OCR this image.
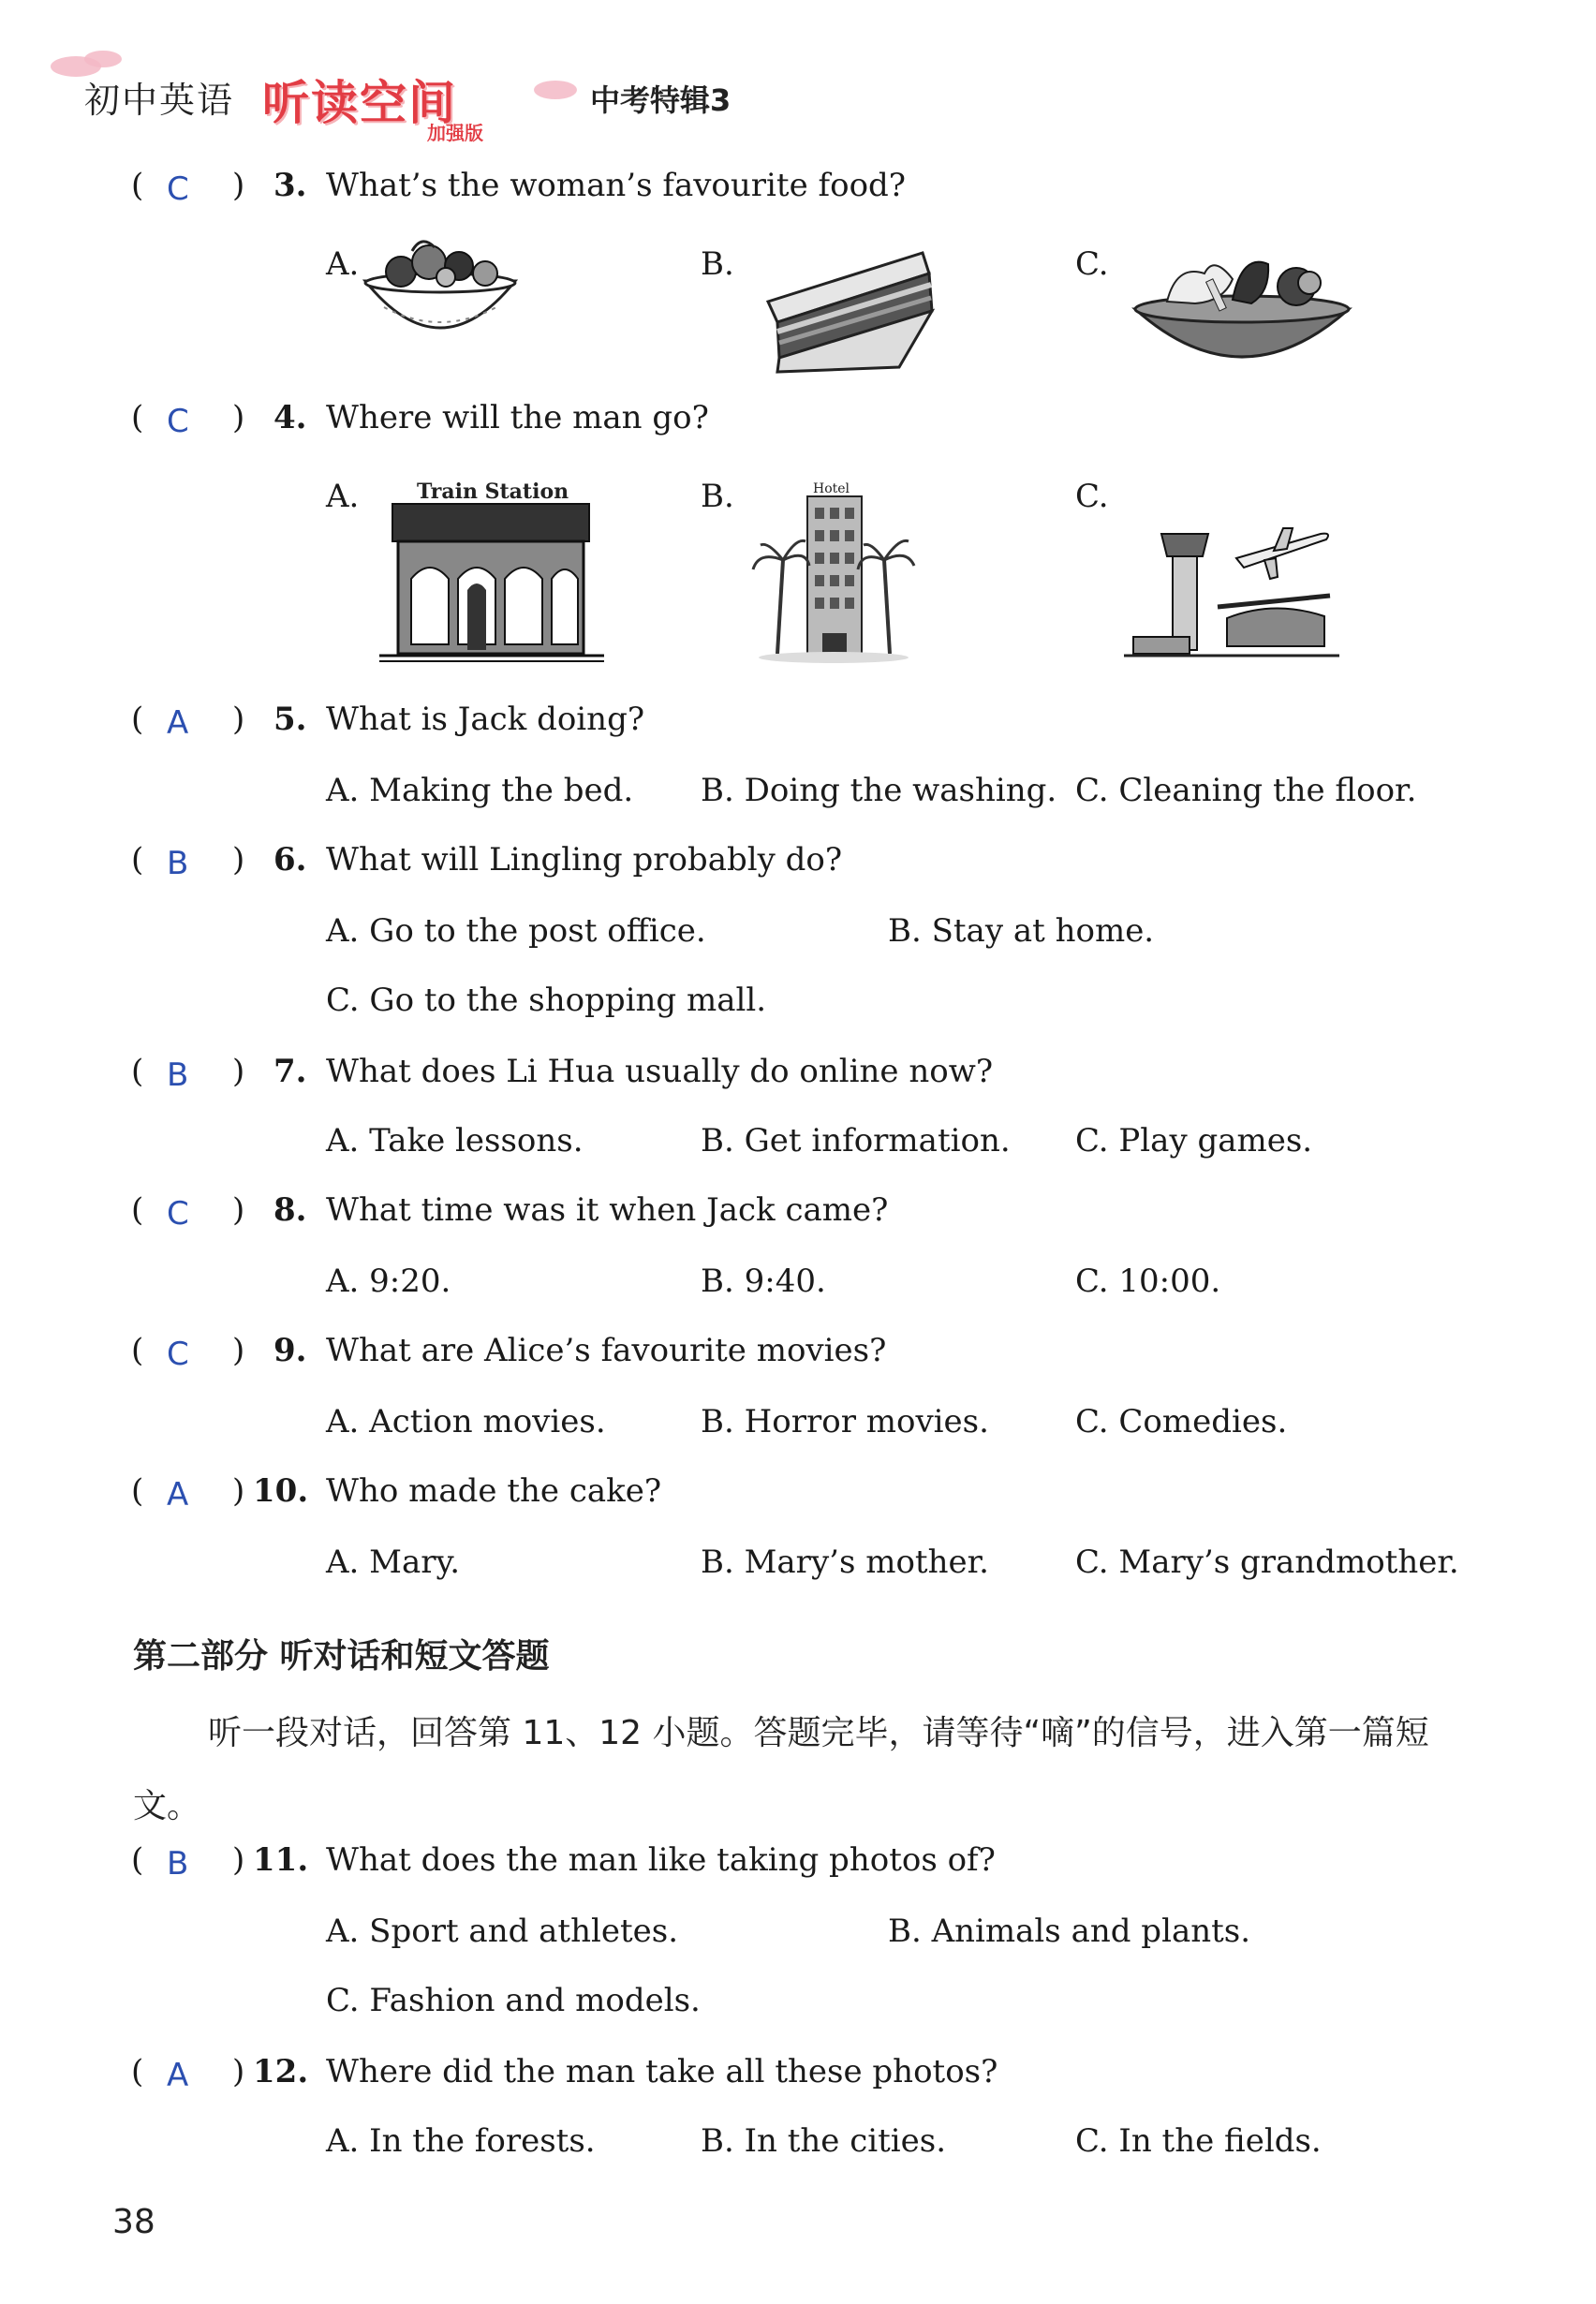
初中英语 听读空间
加强版
中考特辑3
( C ) 3. What’s the woman’s favourite food?
A.	B.	C.
( C ) 4. Where will the man go?
A.	B.	C.
Train Station	Hotel
( A ) 5. What is Jack doing?
A. Making the bed. B. Doing the washing. C. Cleaning the floor.
( B ) 6. What will Lingling probably do?
A. Go to the post office.	B. Stay at home.
C. Go to the shopping mall.
( B ) 7. What does Li Hua usually do online now?
A. Take lessons.	B. Get information. C. Play games.
( C ) 8. What time was it when Jack came?
A. 9:20.	B. 9:40.	C. 10:00.
( C ) 9. What are Alice’s favourite movies?
A. Action movies.	B. Horror movies.	C. Comedies.
( A ) 10. Who made the cake?
A. Mary.	B. Mary’s mother.	C. Mary’s grandmother.
第二部分 听对话和短文答题
听一段对话，回答第 11、12 小题。答题完毕，请等待“嘀”的信号，进入第一篇短文。
( B ) 11. What does the man like taking photos of?
A. Sport and athletes.	B. Animals and plants.
C. Fashion and models.
( A ) 12. Where did the man take all these photos?
A. In the forests.	B. In the cities.	C. In the fields.
38
